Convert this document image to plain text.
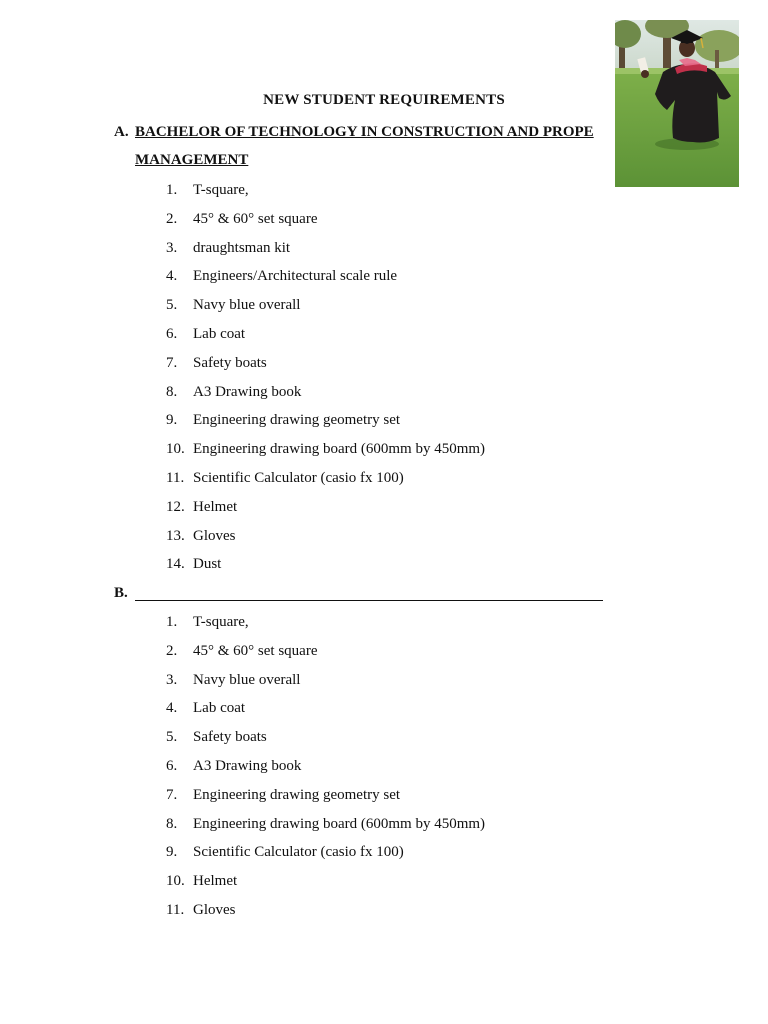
NEW STUDENT REQUIREMENTS
A. BACHELOR OF TECHNOLOGY IN CONSTRUCTION AND PROPE
MANAGEMENT
1.	T-square,
2.	45° & 60° set square
3.	draughtsman kit
4.	Engineers/Architectural scale rule
5.	Navy blue overall
6.	Lab coat
7.	Safety boats
8.	A3 Drawing book
9.	Engineering drawing geometry set
10. Engineering drawing board (600mm by 450mm)
11. Scientific Calculator (casio fx 100)
12. Helmet
13. Gloves
14. Dust
B.
1.	T-square,
2.	45° & 60° set square
3.	Navy blue overall
4.	Lab coat
5.	Safety boats
6.	A3 Drawing book
7.	Engineering drawing geometry set
8.	Engineering drawing board (600mm by 450mm)
9.	Scientific Calculator (casio fx 100)
10. Helmet
11. Gloves
